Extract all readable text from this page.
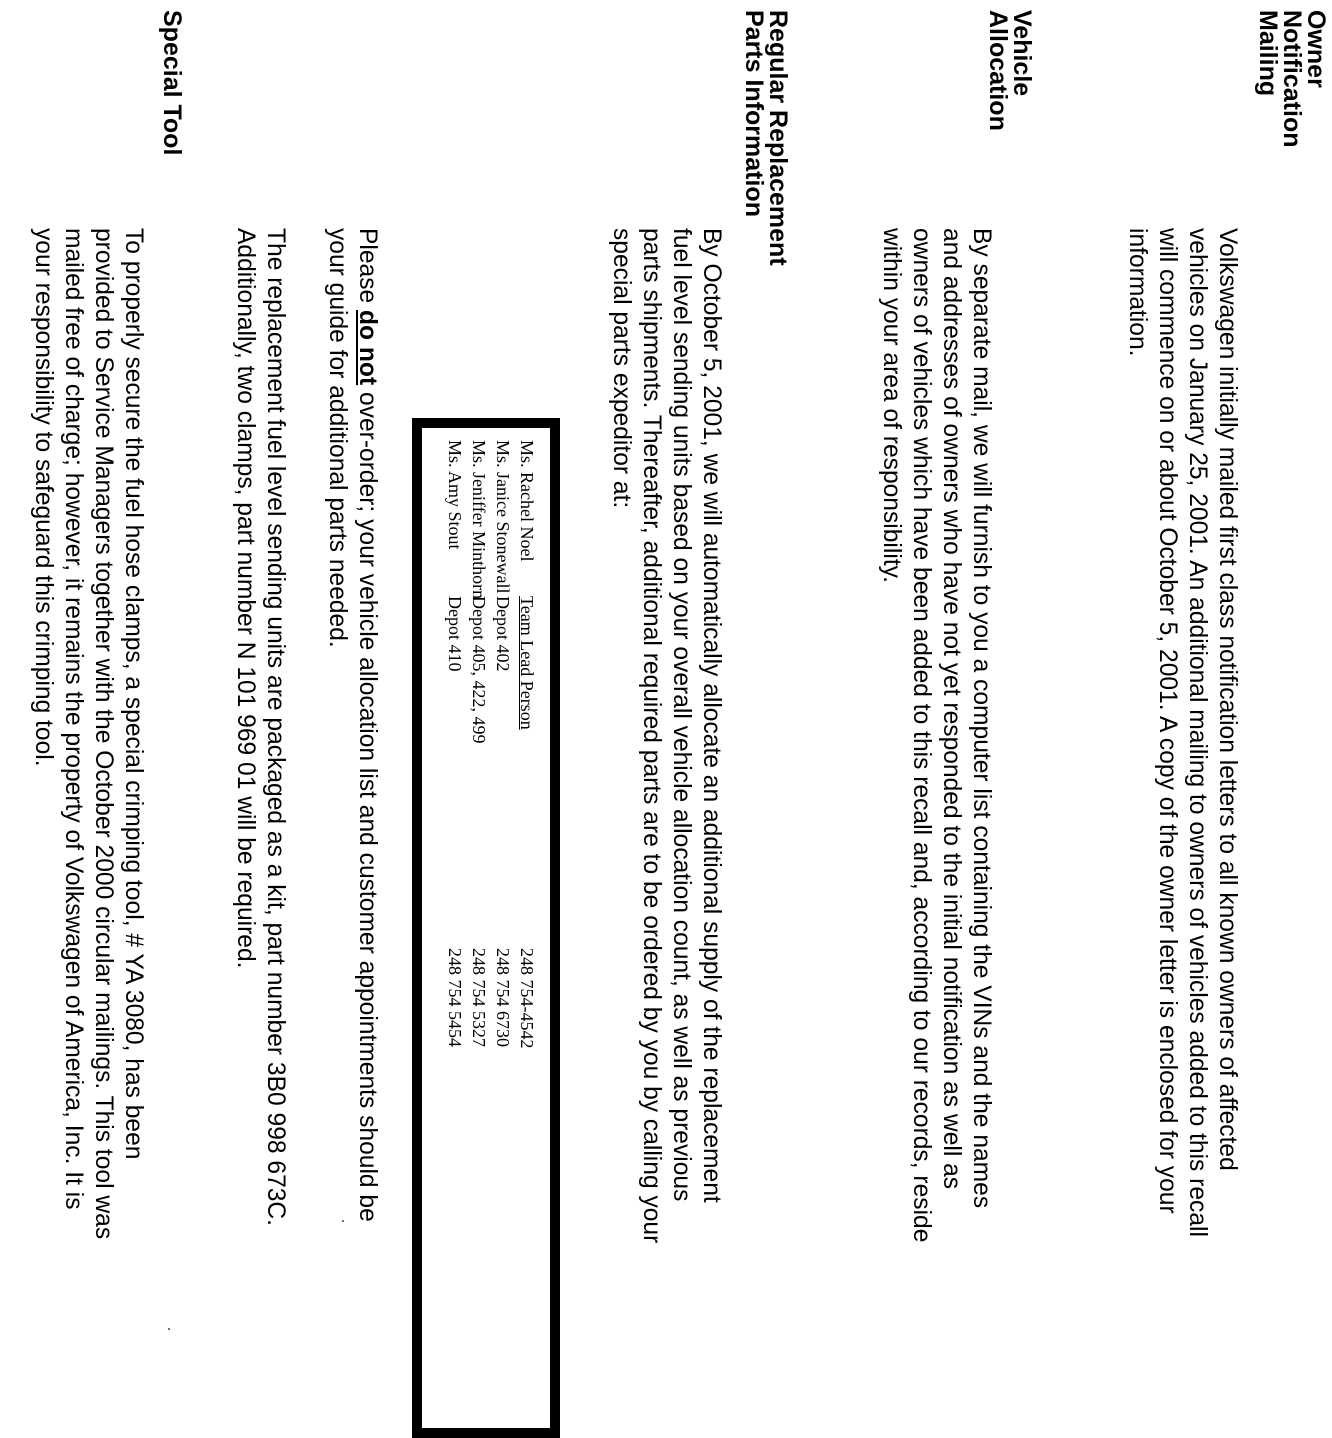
Owner
Notification
Mailing
Volkswagen initially mailed first class notification letters to all known owners of affected vehicles on January 25, 2001. An additional mailing to owners of vehicles added to this recall will commence on or about October 5, 2001. A copy of the owner letter is enclosed for your information.
Vehicle
Allocation
By separate mail, we will furnish to you a computer list containing the VINs and the names and addresses of owners who have not yet responded to the initial notification as well as owners of vehicles which have been added to this recall and, according to our records, reside within your area of responsibility.
Regular Replacement
Parts Information
By October 5, 2001, we will automatically allocate an additional supply of the replacement fuel level sending units based on your overall vehicle allocation count, as well as previous parts shipments. Thereafter, additional required parts are to be ordered by you by calling your special parts expeditor at:
Ms. Rachel Noel
Team Lead Person
248 754-4542
Ms. Janice Stonewall
Depot 402
248 754 6730
Ms. Jeniffer Minthorn
Depot 405, 422, 499
248 754 5327
Ms. Amy Stout
Depot 410
248 754 5454
Please do not over-order; your vehicle allocation list and customer appointments should be your guide for additional parts needed.
The replacement fuel level sending units are packaged as a kit, part number 3B0 998 673C. Additionally, two clamps, part number N 101 969 01 will be required.
Special Tool
To properly secure the fuel hose clamps, a special crimping tool, # YA 3080, has been provided to Service Managers together with the October 2000 circular mailings. This tool was mailed free of charge; however, it remains the property of Volkswagen of America, Inc. It is your responsibility to safeguard this crimping tool.
